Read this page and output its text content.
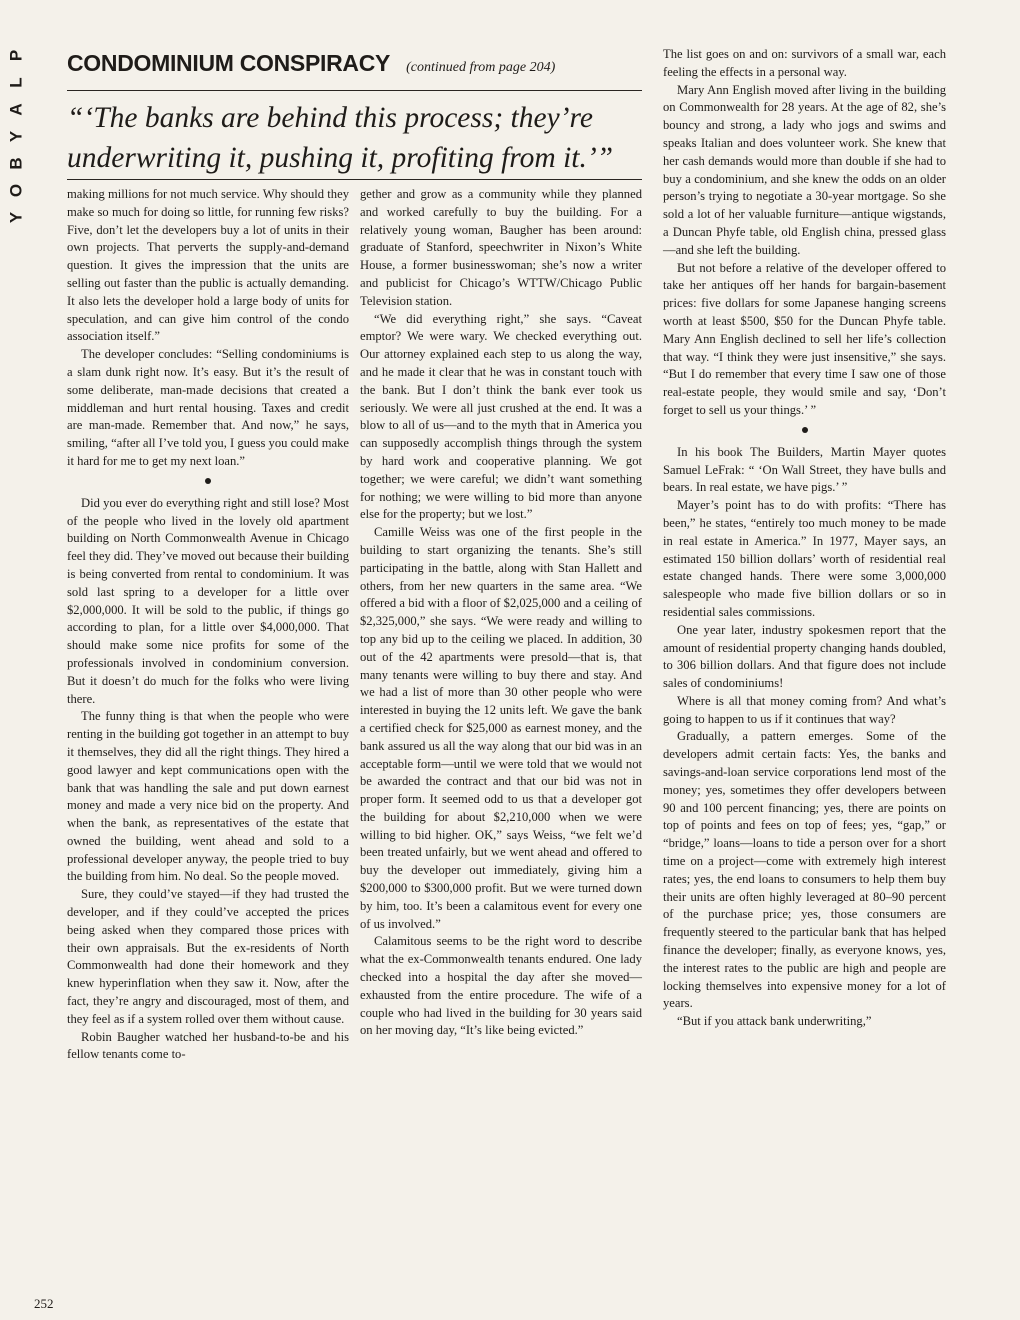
P
L
A
Y
B
O
Y
CONDOMINIUM CONSPIRACY (continued from page 204)
“‘The banks are behind this process; they’re underwriting it, pushing it, profiting from it.’”

making millions for not much service. Why should they make so much for doing so little, for running few risks? Five, don’t let the developers buy a lot of units in their own projects. That perverts the supply-and-demand question. It gives the impression that the units are selling out faster than the public is actually demanding. It also lets the developer hold a large body of units for speculation, and can give him control of the condo association itself.”

The developer concludes: “Selling condominiums is a slam dunk right now. It’s easy. But it’s the result of some deliberate, man-made decisions that created a middleman and hurt rental housing. Taxes and credit are man-made. Remember that. And now,” he says, smiling, “after all I’ve told you, I guess you could make it hard for me to get my next loan.”

Did you ever do everything right and still lose? Most of the people who lived in the lovely old apartment building on North Commonwealth Avenue in Chicago feel they did. They’ve moved out because their building is being converted from rental to condominium. It was sold last spring to a developer for a little over $2,000,000. It will be sold to the public, if things go according to plan, for a little over $4,000,000. That should make some nice profits for some of the professionals involved in condominium conversion. But it doesn’t do much for the folks who were living there.

The funny thing is that when the people who were renting in the building got together in an attempt to buy it themselves, they did all the right things. They hired a good lawyer and kept communications open with the bank that was handling the sale and put down earnest money and made a very nice bid on the property. And when the bank, as representatives of the estate that owned the building, went ahead and sold to a professional developer anyway, the people tried to buy the building from him. No deal. So the people moved.

Sure, they could’ve stayed—if they had trusted the developer, and if they could’ve accepted the prices being asked when they compared those prices with their own appraisals. But the ex-residents of North Commonwealth had done their homework and they knew hyperinflation when they saw it. Now, after the fact, they’re angry and discouraged, most of them, and they feel as if a system rolled over them without cause.

Robin Baugher watched her husband-to-be and his fellow tenants come to-

gether and grow as a community while they planned and worked carefully to buy the building. For a relatively young woman, Baugher has been around: graduate of Stanford, speechwriter in Nixon’s White House, a former businesswoman; she’s now a writer and publicist for Chicago’s WTTW/Chicago Public Television station.

“We did everything right,” she says. “Caveat emptor? We were wary. We checked everything out. Our attorney explained each step to us along the way, and he made it clear that he was in constant touch with the bank. But I don’t think the bank ever took us seriously. We were all just crushed at the end. It was a blow to all of us—and to the myth that in America you can supposedly accomplish things through the system by hard work and cooperative planning. We got together; we were careful; we didn’t want something for nothing; we were willing to bid more than anyone else for the property; but we lost.”

Camille Weiss was one of the first people in the building to start organizing the tenants. She’s still participating in the battle, along with Stan Hallett and others, from her new quarters in the same area. “We offered a bid with a floor of $2,025,000 and a ceiling of $2,325,000,” she says. “We were ready and willing to top any bid up to the ceiling we placed. In addition, 30 out of the 42 apartments were presold—that is, that many tenants were willing to buy there and stay. And we had a list of more than 30 other people who were interested in buying the 12 units left. We gave the bank a certified check for $25,000 as earnest money, and the bank assured us all the way along that our bid was in an acceptable form—until we were told that we would not be awarded the contract and that our bid was not in proper form. It seemed odd to us that a developer got the building for about $2,210,000 when we were willing to bid higher. OK,” says Weiss, “we felt we’d been treated unfairly, but we went ahead and offered to buy the developer out immediately, giving him a $200,000 to $300,000 profit. But we were turned down by him, too. It’s been a calamitous event for every one of us involved.”

Calamitous seems to be the right word to describe what the ex-Commonwealth tenants endured. One lady checked into a hospital the day after she moved—exhausted from the entire procedure. The wife of a couple who had lived in the building for 30 years said on her moving day, “It’s like being evicted.”

The list goes on and on: survivors of a small war, each feeling the effects in a personal way.

Mary Ann English moved after living in the building on Commonwealth for 28 years. At the age of 82, she’s bouncy and strong, a lady who jogs and swims and speaks Italian and does volunteer work. She knew that her cash demands would more than double if she had to buy a condominium, and she knew the odds on an older person’s trying to negotiate a 30-year mortgage. So she sold a lot of her valuable furniture—antique wigstands, a Duncan Phyfe table, old English china, pressed glass—and she left the building.

But not before a relative of the developer offered to take her antiques off her hands for bargain-basement prices: five dollars for some Japanese hanging screens worth at least $500, $50 for the Duncan Phyfe table. Mary Ann English declined to sell her life’s collection that way. “I think they were just insensitive,” she says. “But I do remember that every time I saw one of those real-estate people, they would smile and say, ‘Don’t forget to sell us your things.’ ”

In his book The Builders, Martin Mayer quotes Samuel LeFrak: “ ‘On Wall Street, they have bulls and bears. In real estate, we have pigs.’ ”

Mayer’s point has to do with profits: “There has been,” he states, “entirely too much money to be made in real estate in America.” In 1977, Mayer says, an estimated 150 billion dollars’ worth of residential real estate changed hands. There were some 3,000,000 salespeople who made five billion dollars or so in residential sales commissions.

One year later, industry spokesmen report that the amount of residential property changing hands doubled, to 306 billion dollars. And that figure does not include sales of condominiums!

Where is all that money coming from? And what’s going to happen to us if it continues that way?

Gradually, a pattern emerges. Some of the developers admit certain facts: Yes, the banks and savings-and-loan service corporations lend most of the money; yes, sometimes they offer developers between 90 and 100 percent financing; yes, there are points on top of points and fees on top of fees; yes, “gap,” or “bridge,” loans—loans to tide a person over for a short time on a project—come with extremely high interest rates; yes, the end loans to consumers to help them buy their units are often highly leveraged at 80–90 percent of the purchase price; yes, those consumers are frequently steered to the particular bank that has helped finance the developer; finally, as everyone knows, yes, the interest rates to the public are high and people are locking themselves into expensive money for a lot of years.

“But if you attack bank underwriting,”

252
